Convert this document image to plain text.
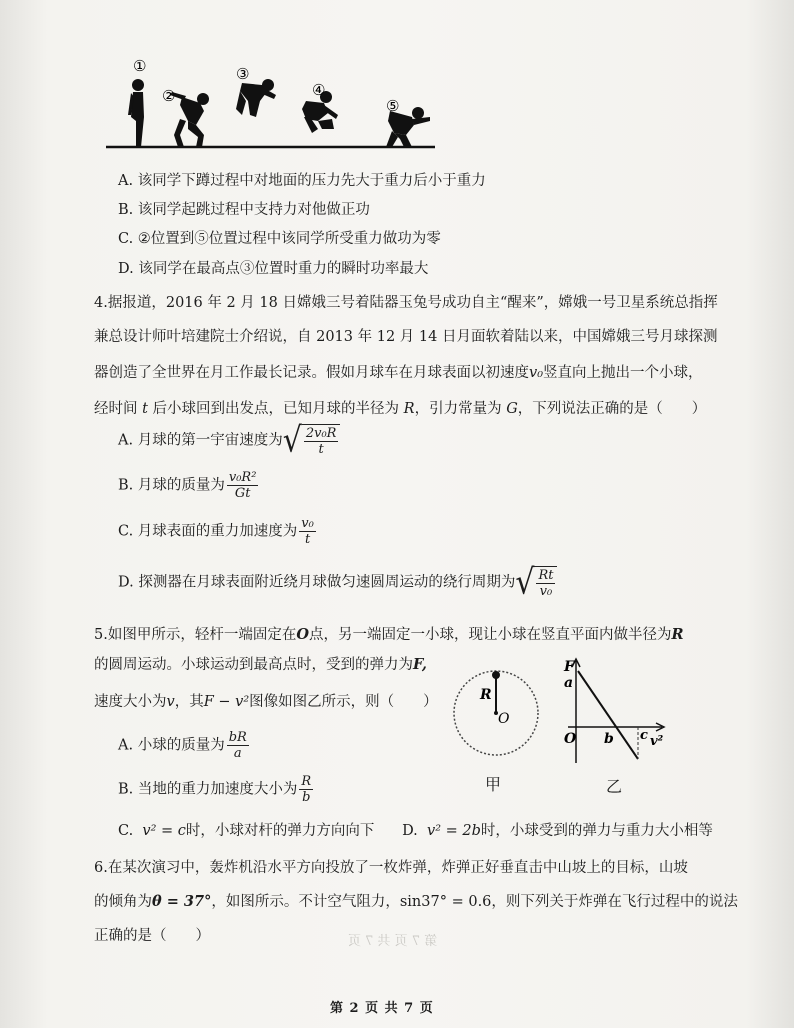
①
②
③
④
⑤
A. 该同学下蹲过程中对地面的压力先大于重力后小于重力
B. 该同学起跳过程中支持力对他做正功
C. ②位置到⑤位置过程中该同学所受重力做功为零
D. 该同学在最高点③位置时重力的瞬时功率最大
4.据报道，2016 年 2 月 18 日嫦娥三号着陆器玉兔号成功自主“醒来”，嫦娥一号卫星系统总指挥
兼总设计师叶培建院士介绍说，自 2013 年 12 月 14 日月面软着陆以来，中国嫦娥三号月球探测
器创造了全世界在月工作最长记录。假如月球车在月球表面以初速度v₀竖直向上抛出一个小球，
经时间 t 后小球回到出发点，已知月球的半径为 R，引力常量为 G，下列说法正确的是（　　）
A. 月球的第一宇宙速度为√ $\frac{\text{2v₀R}}{t}$
B. 月球的质量为 $\frac{\text{v₀R²}}{Gt}$
C. 月球表面的重力加速度为 $\frac{\text{v₀}}{t}$
D. 探测器在月球表面附近绕月球做匀速圆周运动的绕行周期为√ $\frac{Rt}{\text{v₀}}$
5.如图甲所示，轻杆一端固定在O点，另一端固定一小球，现让小球在竖直平面内做半径为R
的圆周运动。小球运动到最高点时，受到的弹力为F,
速度大小为v，其F − v²图像如图乙所示，则（　　）
A. 小球的质量为 $\frac{bR}{a}$
B. 当地的重力加速度大小为 $\frac{R}{b}$
C. v² = c时，小球对杆的弹力方向向下 D. v² = 2b时，小球受到的弹力与重力大小相等
R
O
甲
F
a
O b c v²
乙
6.在某次演习中，轰炸机沿水平方向投放了一枚炸弹，炸弹正好垂直击中山坡上的目标，山坡
的倾角为θ = 37°，如图所示。不计空气阻力，sin37° = 0.6，则下列关于炸弹在飞行过程中的说法
正确的是（　　）	第 7 页 共 7 页
第 2 页 共 7 页
